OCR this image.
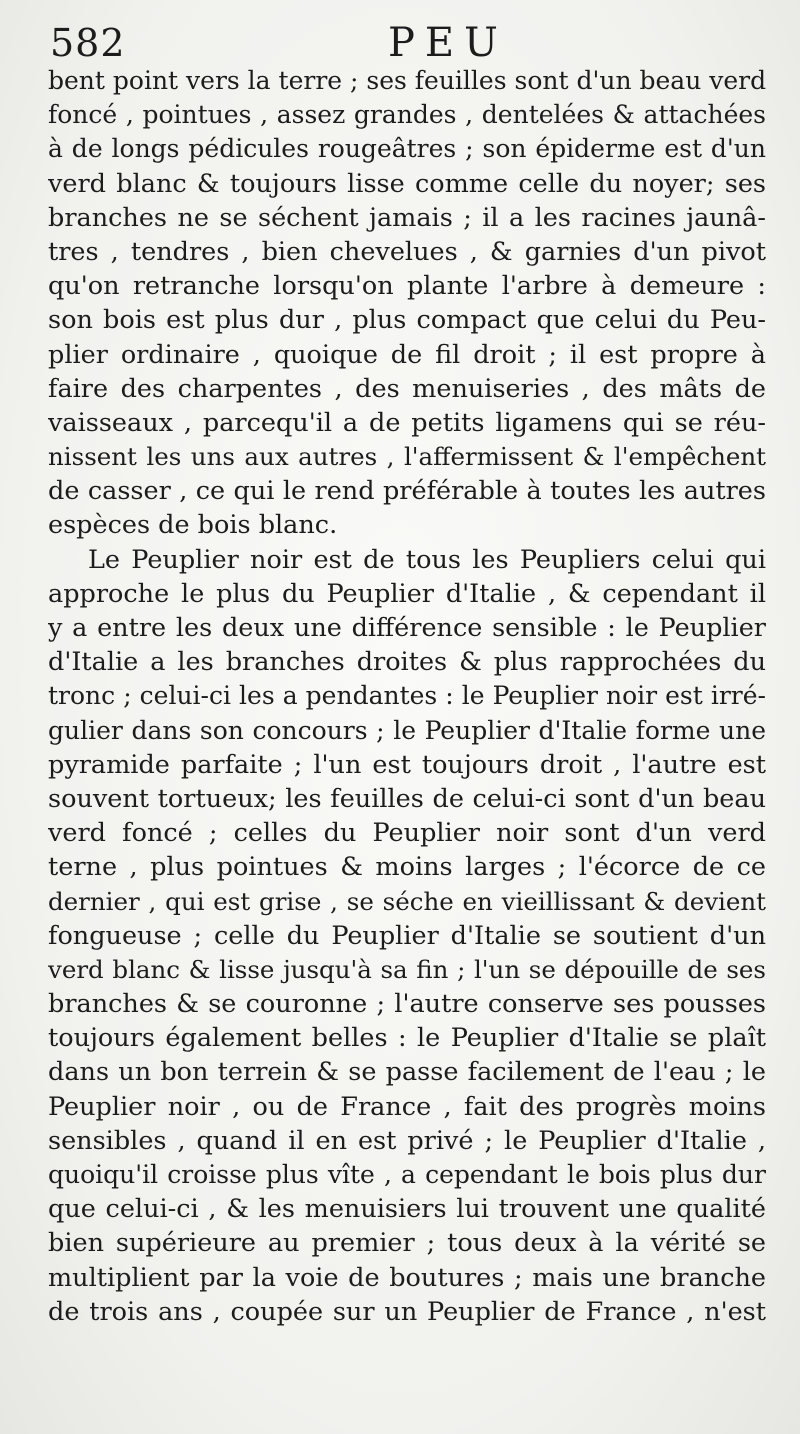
582	PEU
bent point vers la terre ; ses feuilles sont d'un beau verd
foncé , pointues , assez grandes , dentelées & attachées
à de longs pédicules rougeâtres ; son épiderme est d'un
verd blanc & toujours lisse comme celle du noyer; ses
branches ne se séchent jamais ; il a les racines jaunâ-
tres , tendres , bien chevelues , & garnies d'un pivot
qu'on retranche lorsqu'on plante l'arbre à demeure :
son bois est plus dur , plus compact que celui du Peu-
plier ordinaire , quoique de fil droit ; il est propre à
faire des charpentes , des menuiseries , des mâts de
vaisseaux , parcequ'il a de petits ligamens qui se réu-
nissent les uns aux autres , l'affermissent & l'empêchent
de casser , ce qui le rend préférable à toutes les autres
espèces de bois blanc.
Le Peuplier noir est de tous les Peupliers celui qui
approche le plus du Peuplier d'Italie , & cependant il
y a entre les deux une différence sensible : le Peuplier
d'Italie a les branches droites & plus rapprochées du
tronc ; celui-ci les a pendantes : le Peuplier noir est irré-
gulier dans son concours ; le Peuplier d'Italie forme une
pyramide parfaite ; l'un est toujours droit , l'autre est
souvent tortueux; les feuilles de celui-ci sont d'un beau
verd foncé ; celles du Peuplier noir sont d'un verd
terne , plus pointues & moins larges ; l'écorce de ce
dernier , qui est grise , se séche en vieillissant & devient
fongueuse ; celle du Peuplier d'Italie se soutient d'un
verd blanc & lisse jusqu'à sa fin ; l'un se dépouille de ses
branches & se couronne ; l'autre conserve ses pousses
toujours également belles : le Peuplier d'Italie se plaît
dans un bon terrein & se passe facilement de l'eau ; le
Peuplier noir , ou de France , fait des progrès moins
sensibles , quand il en est privé ; le Peuplier d'Italie ,
quoiqu'il croisse plus vîte , a cependant le bois plus dur
que celui-ci , & les menuisiers lui trouvent une qualité
bien supérieure au premier ; tous deux à la vérité se
multiplient par la voie de boutures ; mais une branche
de trois ans , coupée sur un Peuplier de France , n'est
